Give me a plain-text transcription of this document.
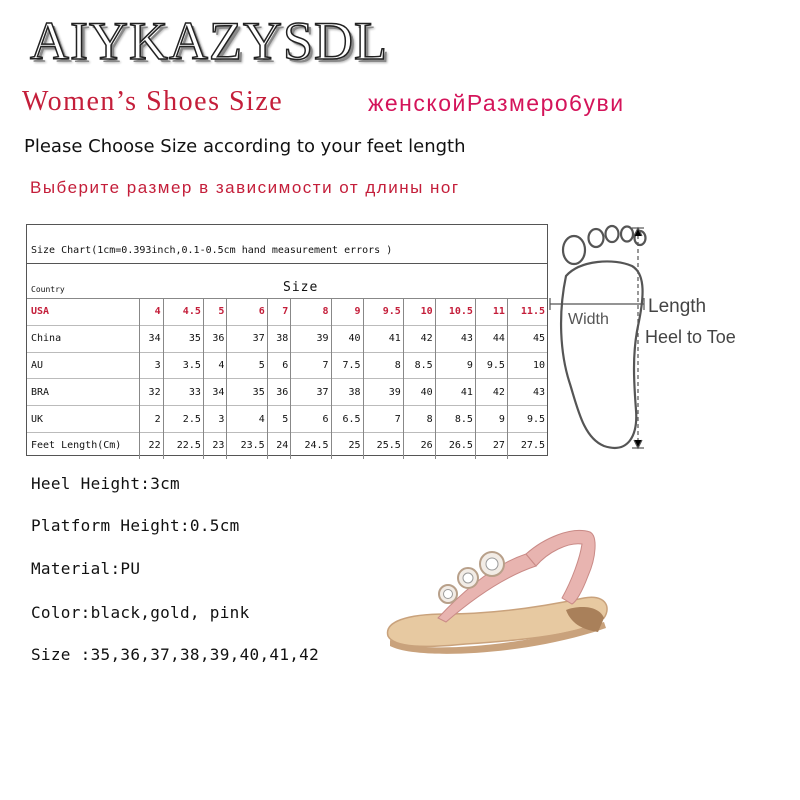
AIYKAZYSDL
Women’s Shoes Size	женскойРазмерo6уви
Please Choose Size according to your feet length
Выберите размер в зависимости от длины ног
Size Chart(1cm=0.393inch,0.1-0.5cm hand measurement errors )
Size
Country
USA	4	4.5	5	6	7	8	9	9.5	10	10.5	11	11.5
China	34	35	36	37	38	39	40	41	42	43	44	45
AU	3	3.5	4	5	6	7	7.5	8	8.5	9	9.5	10
BRA	32	33	34	35	36	37	38	39	40	41	42	43
UK	2	2.5	3	4	5	6	6.5	7	8	8.5	9	9.5
Feet Length(Cm)	22	22.5	23	23.5	24	24.5	25	25.5	26	26.5	27	27.5
Width
Length
Heel to Toe
Heel Height:3cm
Platform Height:0.5cm
Material:PU
Color:black,gold, pink
Size :35,36,37,38,39,40,41,42
